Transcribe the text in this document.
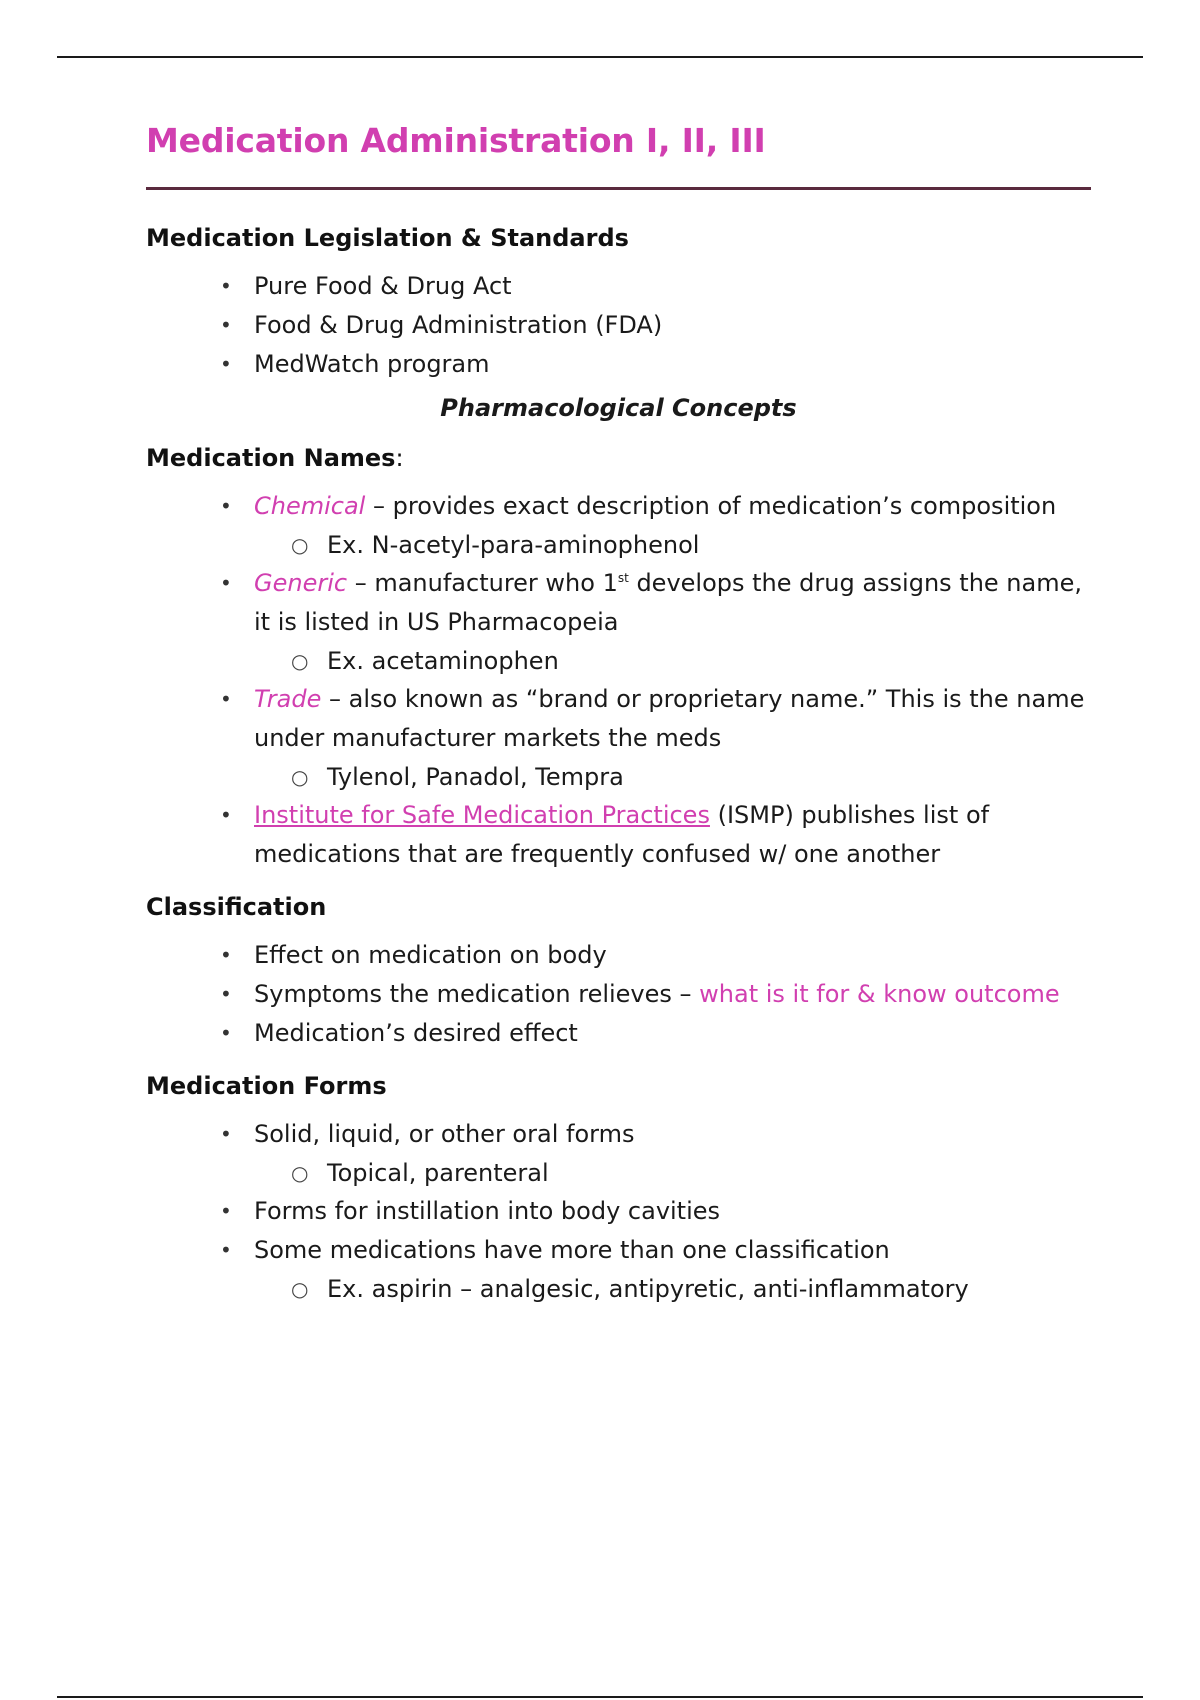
Medication Administration I, II, III

Medication Legislation & Standards

• Pure Food & Drug Act
• Food & Drug Administration (FDA)
• MedWatch program

Pharmacological Concepts

Medication Names:

• Chemical – provides exact description of medication’s composition
○ Ex. N-acetyl-para-aminophenol
• Generic – manufacturer who 1st develops the drug assigns the name, it is listed in US Pharmacopeia
○ Ex. acetaminophen
• Trade – also known as “brand or proprietary name.” This is the name under manufacturer markets the meds
○ Tylenol, Panadol, Tempra
• Institute for Safe Medication Practices (ISMP) publishes list of medications that are frequently confused w/ one another

Classification

• Effect on medication on body
• Symptoms the medication relieves – what is it for & know outcome
• Medication’s desired effect

Medication Forms

• Solid, liquid, or other oral forms
○ Topical, parenteral
• Forms for instillation into body cavities
• Some medications have more than one classification
○ Ex. aspirin – analgesic, antipyretic, anti-inflammatory
